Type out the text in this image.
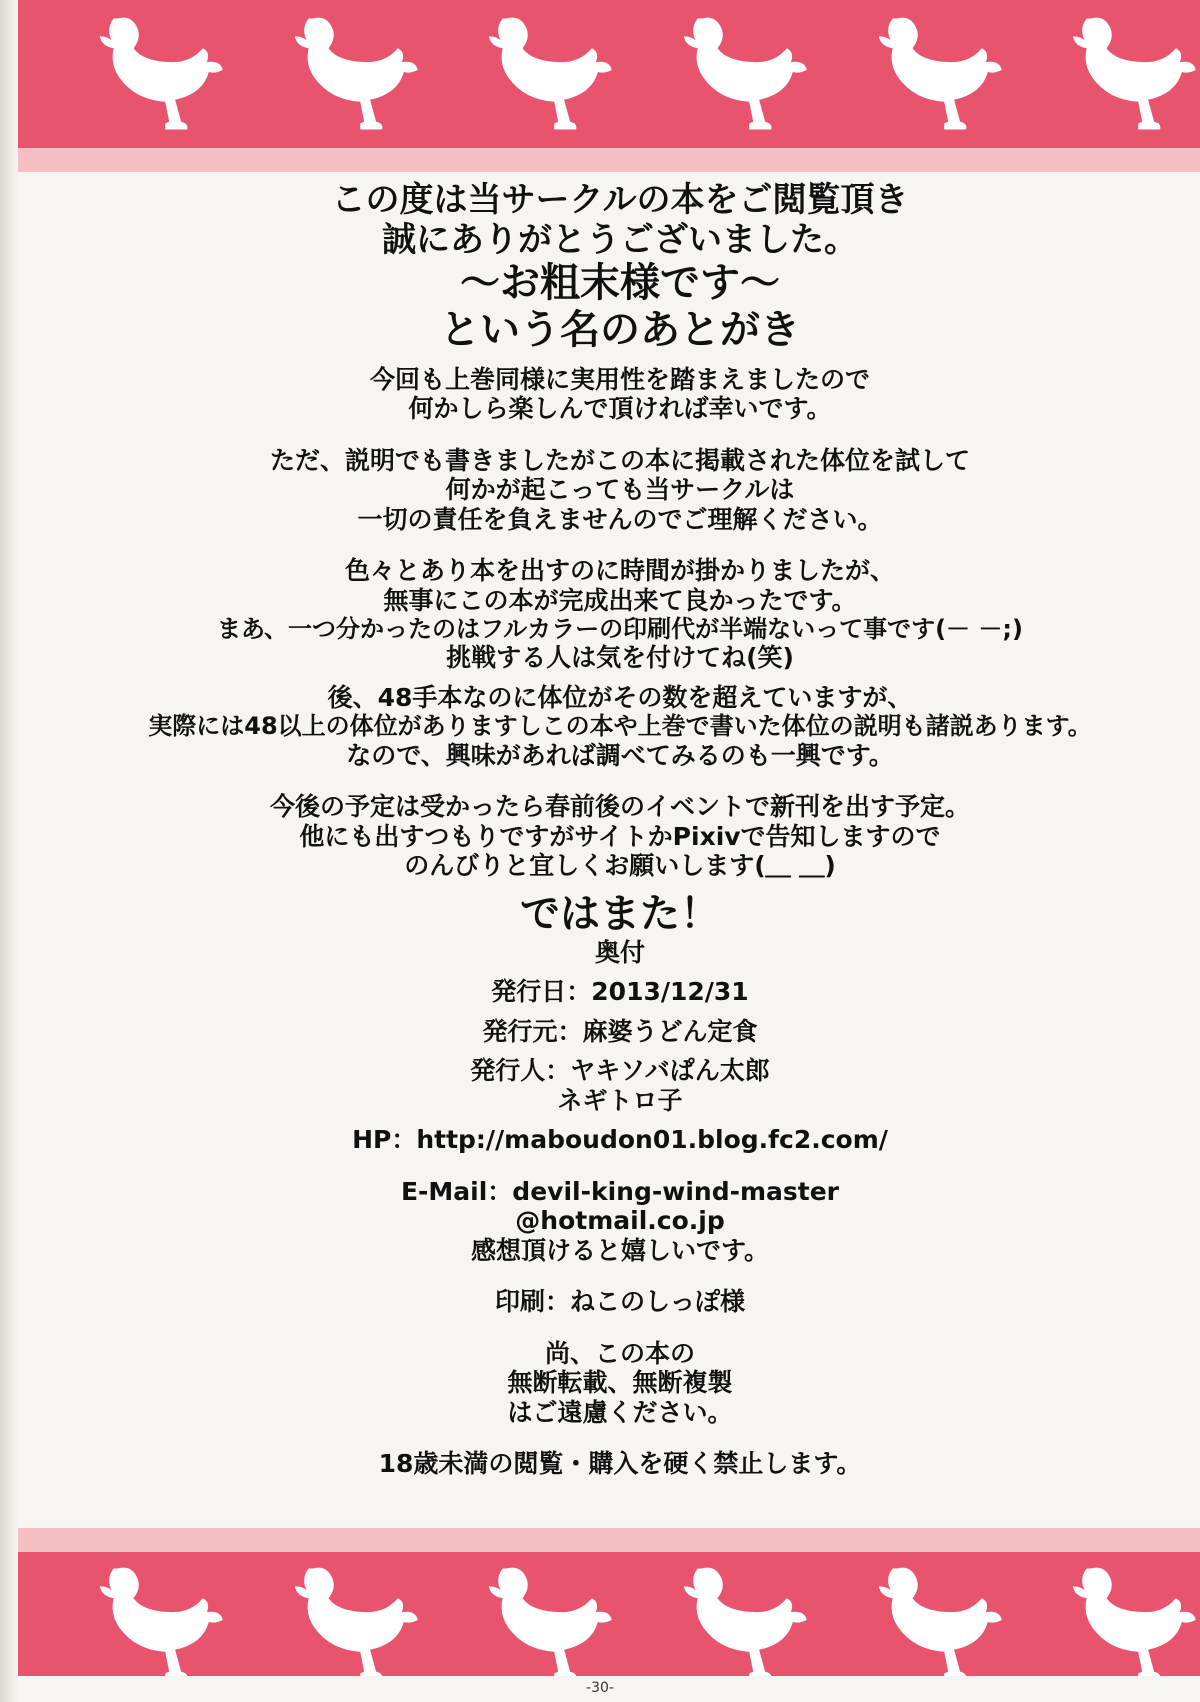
この度は当サークルの本をご閲覧頂き
誠にありがとうございました。
～お粗末様です～
という名のあとがき
今回も上巻同様に実用性を踏まえましたので
何かしら楽しんで頂ければ幸いです。
ただ、説明でも書きましたがこの本に掲載された体位を試して
何かが起こっても当サークルは
一切の責任を負えませんのでご理解ください。
色々とあり本を出すのに時間が掛かりましたが、
無事にこの本が完成出来て良かったです。
まあ、一つ分かったのはフルカラーの印刷代が半端ないって事です(－ －;)
挑戦する人は気を付けてね(笑)
後、48手本なのに体位がその数を超えていますが、
実際には48以上の体位がありますしこの本や上巻で書いた体位の説明も諸説あります。
なので、興味があれば調べてみるのも一興です。
今後の予定は受かったら春前後のイベントで新刊を出す予定。
他にも出すつもりですがサイトかPixivで告知しますので
のんびりと宜しくお願いします(＿ ＿)
ではまた！
奥付
発行日：2013/12/31
発行元：麻婆うどん定食
発行人：ヤキソバぱん太郎
ネギトロ子
HP：http://maboudon01.blog.fc2.com/
E-Mail：devil-king-wind-master
@hotmail.co.jp
感想頂けると嬉しいです。
印刷：ねこのしっぽ様
尚、この本の
無断転載、無断複製
はご遠慮ください。
18歳未満の閲覧・購入を硬く禁止します。
-30-
